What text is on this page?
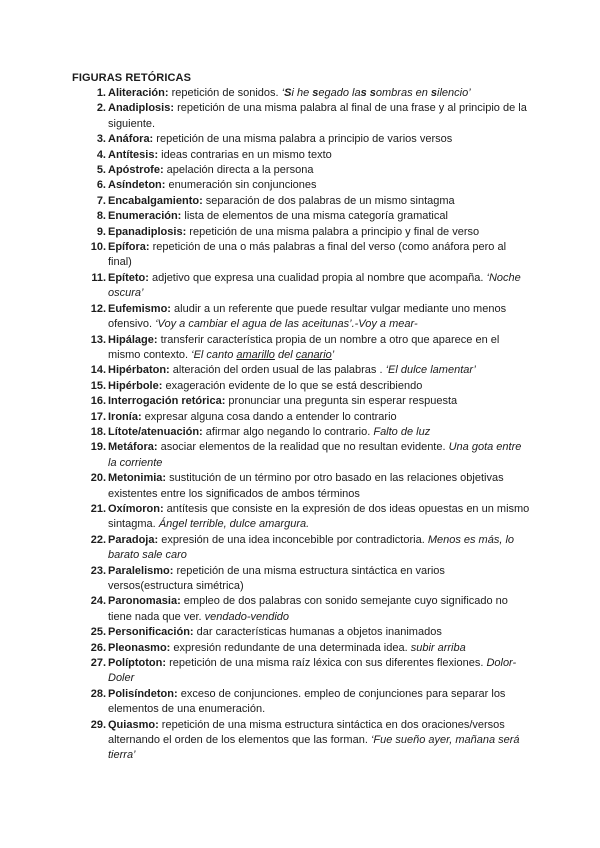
FIGURAS RETÓRICAS
1. Aliteración: repetición de sonidos. ‘Si he segado las sombras en silencio’
2. Anadiplosis: repetición de una misma palabra al final de una frase y al principio de la siguiente.
3. Anáfora: repetición de una misma palabra a principio de varios versos
4. Antítesis: ideas contrarias en un mismo texto
5. Apóstrofe: apelación directa a la persona
6. Asíndeton: enumeración sin conjunciones
7. Encabalgamiento: separación de dos palabras de un mismo sintagma
8. Enumeración: lista de elementos de una misma categoría gramatical
9. Epanadiplosis: repetición de una misma palabra a principio y final de verso
10. Epífora: repetición de una o más palabras a final del verso (como anáfora pero al final)
11. Epíteto: adjetivo que expresa una cualidad propia al nombre que acompaña. ‘Noche oscura’
12. Eufemismo: aludir a un referente que puede resultar vulgar mediante uno menos ofensivo. ‘Voy a cambiar el agua de las aceitunas’.-Voy a mear-
13. Hipálage: transferir característica propia de un nombre a otro que aparece en el mismo contexto. ‘El canto amarillo del canario’
14. Hipérbaton: alteración del orden usual de las palabras . ‘El dulce lamentar’
15. Hipérbole: exageración evidente de lo que se está describiendo
16. Interrogación retórica: pronunciar una pregunta sin esperar respuesta
17. Ironía: expresar alguna cosa dando a entender lo contrario
18. Lítote/atenuación: afirmar algo negando lo contrario. Falto de luz
19. Metáfora: asociar elementos de la realidad que no resultan evidente. Una gota entre la corriente
20. Metonimia: sustitución de un término por otro basado en las relaciones objetivas existentes entre los significados de ambos términos
21. Oxímoron: antítesis que consiste en la expresión de dos ideas opuestas en un mismo sintagma. Ángel terrible, dulce amargura.
22. Paradoja: expresión de una idea inconcebible por contradictoria. Menos es más, lo barato sale caro
23. Paralelismo: repetición de una misma estructura sintáctica en varios versos(estructura simétrica)
24. Paronomasia: empleo de dos palabras con sonido semejante cuyo significado no tiene nada que ver. vendado-vendido
25. Personificación: dar características humanas a objetos inanimados
26. Pleonasmo: expresión redundante de una determinada idea. subir arriba
27. Políptoton: repetición de una misma raíz léxica con sus diferentes flexiones. Dolor-Doler
28. Polisíndeton: exceso de conjunciones. empleo de conjunciones para separar los elementos de una enumeración.
29. Quiasmo: repetición de una misma estructura sintáctica en dos oraciones/versos alternando el orden de los elementos que las forman. ‘Fue sueño ayer, mañana será tierra’
